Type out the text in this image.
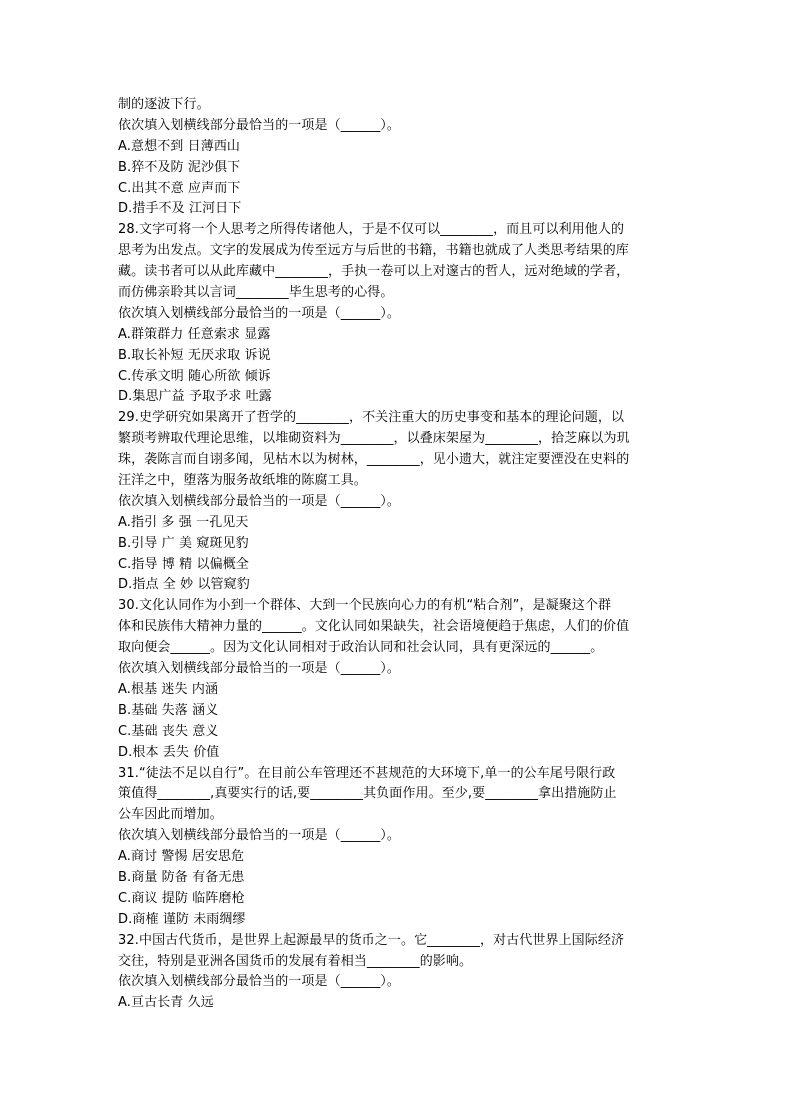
制的逐波下行。
依次填入划横线部分最恰当的一项是（______）。
A.意想不到 日薄西山
B.猝不及防 泥沙俱下
C.出其不意 应声而下
D.措手不及 江河日下
28.文字可将一个人思考之所得传诸他人，于是不仅可以________，而且可以利用他人的
思考为出发点。文字的发展成为传至远方与后世的书籍，书籍也就成了人类思考结果的库
藏。读书者可以从此库藏中________，手执一卷可以上对邃古的哲人，远对绝域的学者，
而仿佛亲聆其以言词________毕生思考的心得。
依次填入划横线部分最恰当的一项是（______）。
A.群策群力 任意索求 显露
B.取长补短 无厌求取 诉说
C.传承文明 随心所欲 倾诉
D.集思广益 予取予求 吐露
29.史学研究如果离开了哲学的________，不关注重大的历史事变和基本的理论问题，以
繁琐考辨取代理论思维，以堆砌资料为________，以叠床架屋为________，拾芝麻以为玑
珠，袭陈言而自诩多闻，见枯木以为树林，________，见小遗大，就注定要湮没在史料的
汪洋之中，堕落为服务故纸堆的陈腐工具。
依次填入划横线部分最恰当的一项是（______）。
A.指引 多 强 一孔见天
B.引导 广 美 窥斑见豹
C.指导 博 精 以偏概全
D.指点 全 妙 以管窥豹
30.文化认同作为小到一个群体、大到一个民族向心力的有机“粘合剂”，是凝聚这个群
体和民族伟大精神力量的______。文化认同如果缺失，社会语境便趋于焦虑，人们的价值
取向便会______。因为文化认同相对于政治认同和社会认同，具有更深远的______。
依次填入划横线部分最恰当的一项是（______）。
A.根基 迷失 内涵
B.基础 失落 涵义
C.基础 丧失 意义
D.根本 丢失 价值
31.“徒法不足以自行”。在目前公车管理还不甚规范的大环境下,单一的公车尾号限行政
策值得________,真要实行的话,要________其负面作用。至少,要________拿出措施防止
公车因此而增加。
依次填入划横线部分最恰当的一项是（______）。
A.商讨 警惕 居安思危
B.商量 防备 有备无患
C.商议 提防 临阵磨枪
D.商榷 谨防 未雨绸缪
32.中国古代货币，是世界上起源最早的货币之一。它________，对古代世界上国际经济
交往，特别是亚洲各国货币的发展有着相当________的影响。
依次填入划横线部分最恰当的一项是（______）。
A.亘古长青 久远
